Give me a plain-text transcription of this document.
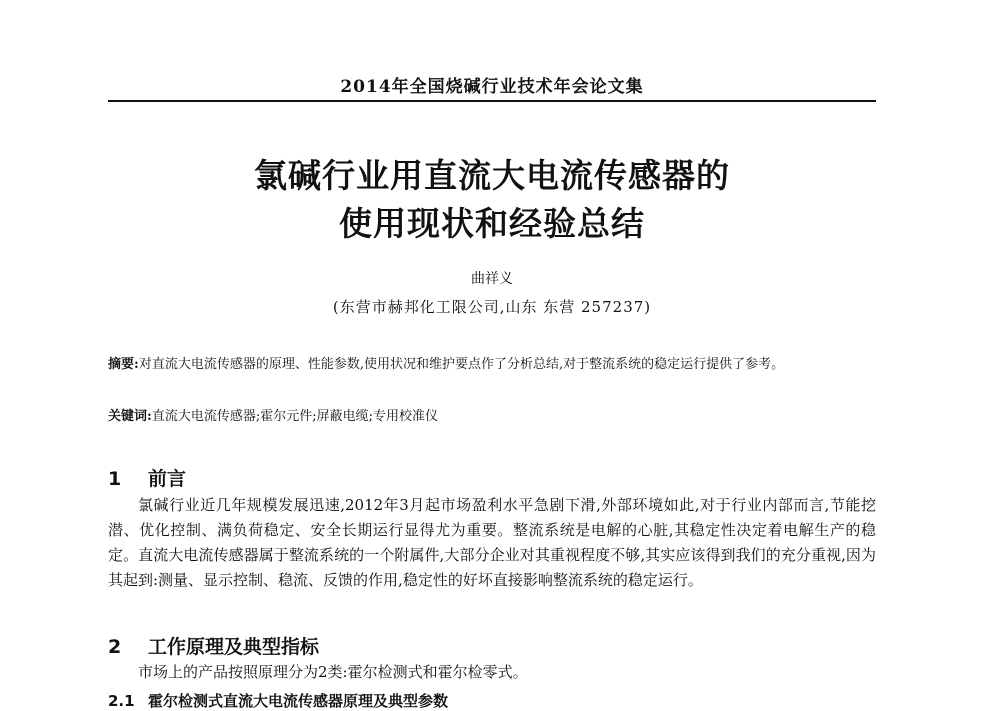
2014年全国烧碱行业技术年会论文集
氯碱行业用直流大电流传感器的
使用现状和经验总结
曲祥义
(东营市赫邦化工限公司,山东 东营 257237)
摘要:对直流大电流传感器的原理、性能参数,使用状况和维护要点作了分析总结,对于整流系统的稳定运行提供了参考。
关键词:直流大电流传感器;霍尔元件;屏蔽电缆;专用校准仪
1 前言
氯碱行业近几年规模发展迅速,2012年3月起市场盈利水平急剧下滑,外部环境如此,对于行业内部而言,节能挖潜、优化控制、满负荷稳定、安全长期运行显得尤为重要。整流系统是电解的心脏,其稳定性决定着电解生产的稳定。直流大电流传感器属于整流系统的一个附属件,大部分企业对其重视程度不够,其实应该得到我们的充分重视,因为其起到:测量、显示控制、稳流、反馈的作用,稳定性的好坏直接影响整流系统的稳定运行。
2 工作原理及典型指标
市场上的产品按照原理分为2类:霍尔检测式和霍尔检零式。
2.1 霍尔检测式直流大电流传感器原理及典型参数
